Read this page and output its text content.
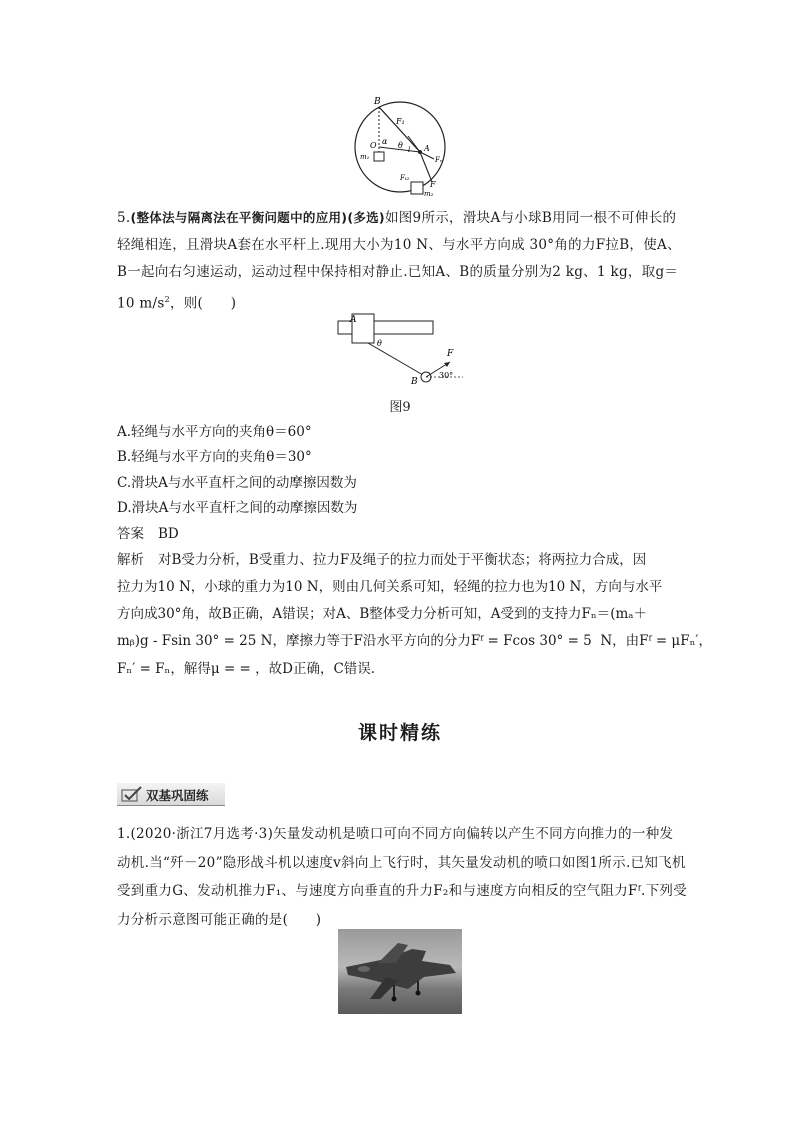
B
F₁
O α θ l A
Fₙ
m₁
Fₜ₂
F
m₂
5.(整体法与隔离法在平衡问题中的应用)(多选)如图9所示，滑块A与小球B用同一根不可伸长的轻绳相连，且滑块A套在水平杆上.现用大小为10 N、与水平方向成 30°角的力F拉B，使A、B一起向右匀速运动，运动过程中保持相对静止.已知A、B的质量分别为2 kg、1 kg，取g＝10 $m/s^2$，则(　　)
A
θ
F
B
30°
图9
A.轻绳与水平方向的夹角θ＝60°
B.轻绳与水平方向的夹角θ＝30°
C.滑块A与水平直杆之间的动摩擦因数为
D.滑块A与水平直杆之间的动摩擦因数为
答案 BD
解析 对B受力分析，B受重力、拉力F及绳子的拉力而处于平衡状态；将两拉力合成，因
拉力为10 N，小球的重力为10 N，则由几何关系可知，轻绳的拉力也为10 N，方向与水平
方向成30°角，故B正确，A错误；对A、B整体受力分析可知，A受到的支持力Fₙ＝(mₐ＋
mᵦ)g - Fsin 30° = 25 N，摩擦力等于F沿水平方向的分力Fᶠ = Fcos 30° = 5  N，由Fᶠ = μFₙ′，
Fₙ′ = Fₙ，解得μ = = ，故D正确，C错误.
课时精练
双基巩固练
1.(2020·浙江7月选考·3)矢量发动机是喷口可向不同方向偏转以产生不同方向推力的一种发动机.当“歼－20”隐形战斗机以速度v斜向上飞行时，其矢量发动机的喷口如图1所示.已知飞机受到重力G、发动机推力F₁、与速度方向垂直的升力F₂和与速度方向相反的空气阻力Fᶠ.下列受力分析示意图可能正确的是(　　)
